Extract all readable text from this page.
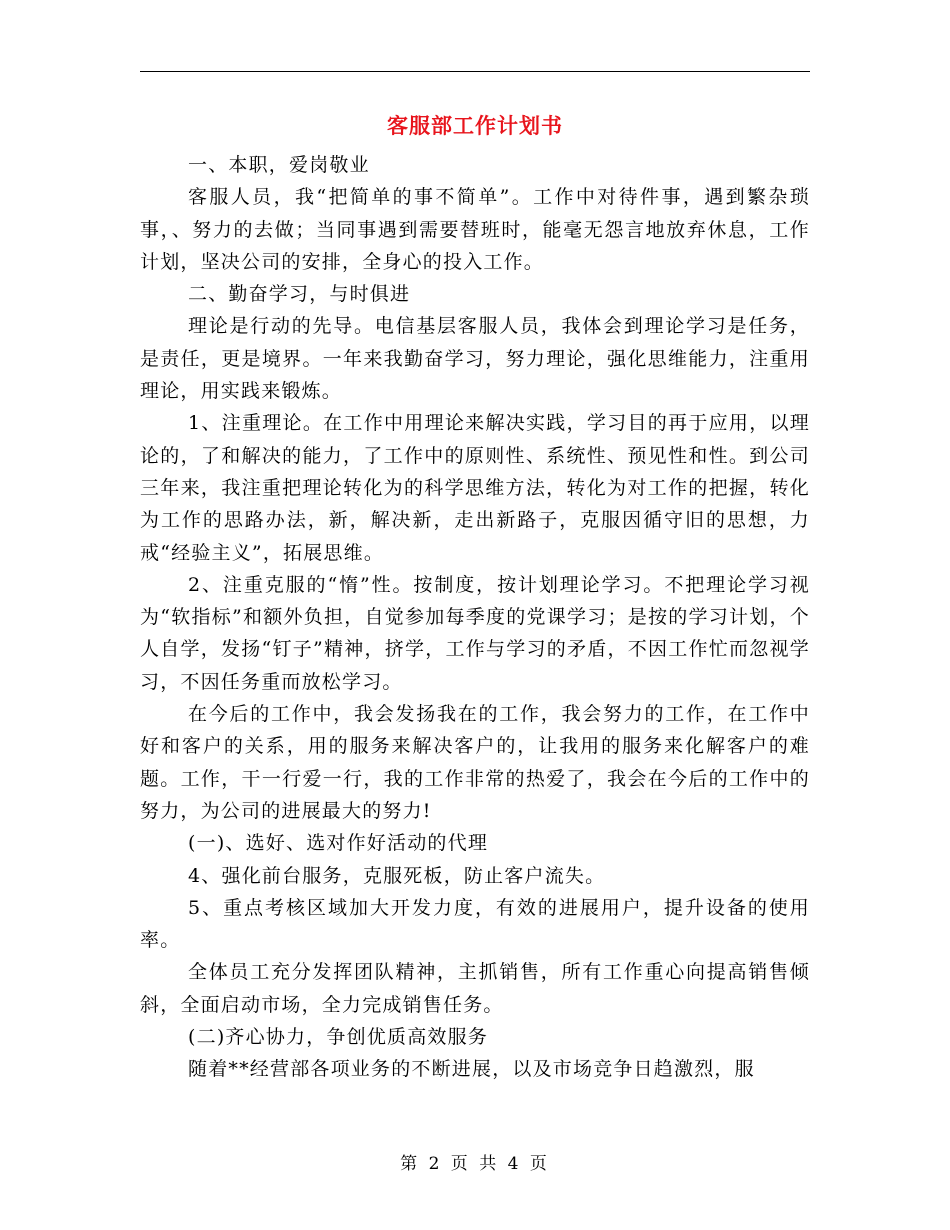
客服部工作计划书

一、本职，爱岗敬业

客服人员，我“把简单的事不简单”。工作中对待件事，遇到繁杂琐事，、努力的去做；当同事遇到需要替班时，能毫无怨言地放弃休息，工作计划，坚决公司的安排，全身心的投入工作。

二、勤奋学习，与时俱进

理论是行动的先导。电信基层客服人员，我体会到理论学习是任务，是责任，更是境界。一年来我勤奋学习，努力理论，强化思维能力，注重用理论，用实践来锻炼。

1、注重理论。在工作中用理论来解决实践，学习目的再于应用，以理论的，了和解决的能力，了工作中的原则性、系统性、预见性和性。到公司三年来，我注重把理论转化为的科学思维方法，转化为对工作的把握，转化为工作的思路办法，新，解决新，走出新路子，克服因循守旧的思想，力戒“经验主义”，拓展思维。

2、注重克服的“惰”性。按制度，按计划理论学习。不把理论学习视为“软指标”和额外负担，自觉参加每季度的党课学习；是按的学习计划，个人自学，发扬“钉子”精神，挤学，工作与学习的矛盾，不因工作忙而忽视学习，不因任务重而放松学习。

在今后的工作中，我会发扬我在的工作，我会努力的工作，在工作中好和客户的关系，用的服务来解决客户的，让我用的服务来化解客户的难题。工作，干一行爱一行，我的工作非常的热爱了，我会在今后的工作中的努力，为公司的进展最大的努力!

(一)、选好、选对作好活动的代理

4、强化前台服务，克服死板，防止客户流失。

5、重点考核区域加大开发力度，有效的进展用户，提升设备的使用率。

全体员工充分发挥团队精神，主抓销售，所有工作重心向提高销售倾斜，全面启动市场，全力完成销售任务。

(二)齐心协力，争创优质高效服务

随着**经营部各项业务的不断进展，以及市场竞争日趋激烈，服

第 2 页 共 4 页
